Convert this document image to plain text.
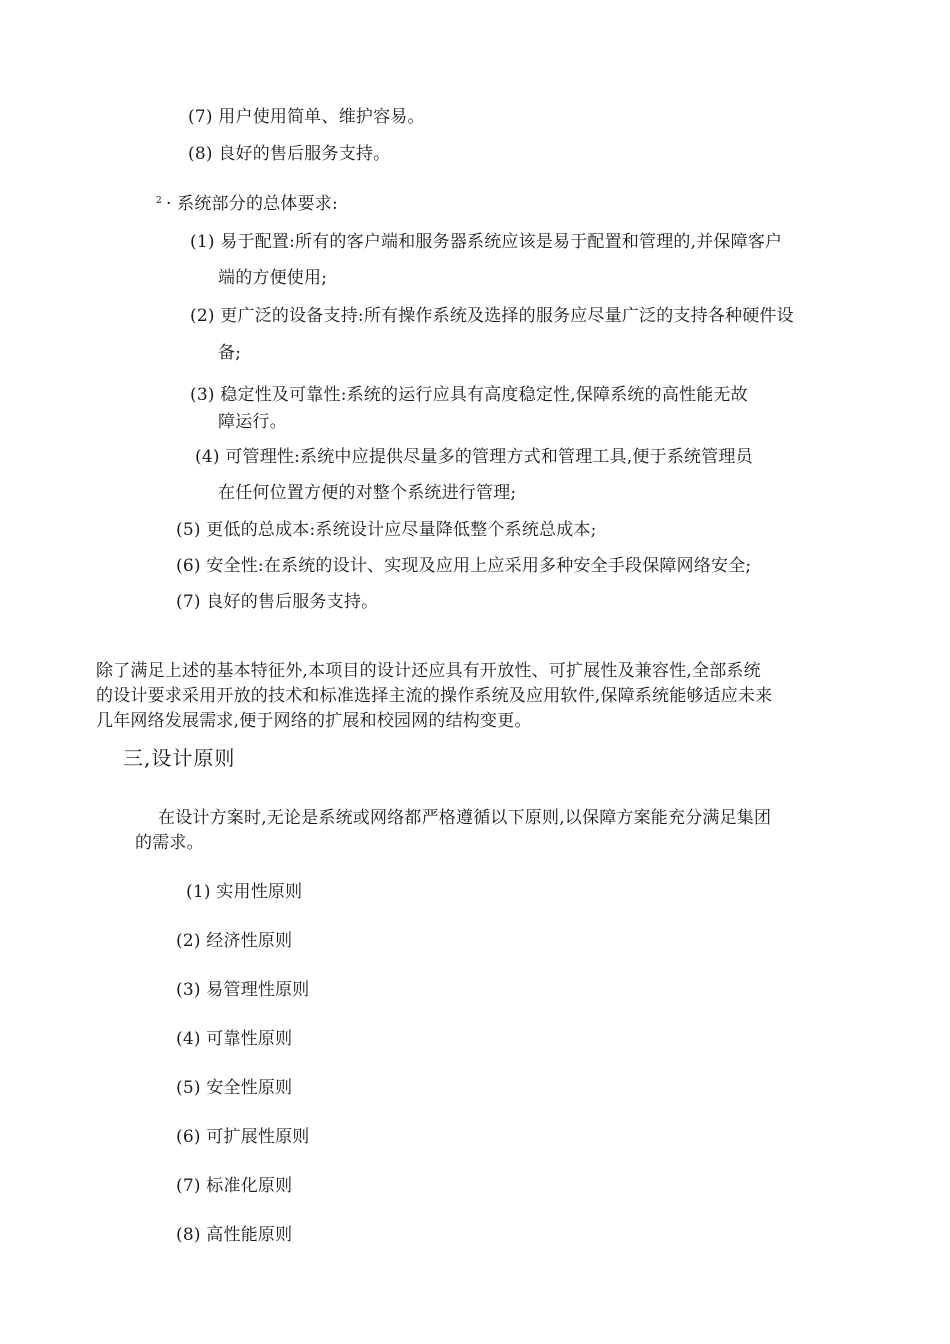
(7) 用户使用简单、维护容易。
(8) 良好的售后服务支持。
$^2$ · 系统部分的总体要求:
(1) 易于配置:所有的客户端和服务器系统应该是易于配置和管理的,并保障客户
端的方便使用;
(2) 更广泛的设备支持:所有操作系统及选择的服务应尽量广泛的支持各种硬件设
备;
(3) 稳定性及可靠性:系统的运行应具有高度稳定性,保障系统的高性能无故
障运行。
(4) 可管理性:系统中应提供尽量多的管理方式和管理工具,便于系统管理员
在任何位置方便的对整个系统进行管理;
(5) 更低的总成本:系统设计应尽量降低整个系统总成本;
(6) 安全性:在系统的设计、实现及应用上应采用多种安全手段保障网络安全;
(7) 良好的售后服务支持。
除了满足上述的基本特征外,本项目的设计还应具有开放性、可扩展性及兼容性,全部系统
的设计要求采用开放的技术和标准选择主流的操作系统及应用软件,保障系统能够适应未来
几年网络发展需求,便于网络的扩展和校园网的结构变更。
三,设计原则
在设计方案时,无论是系统或网络都严格遵循以下原则,以保障方案能充分满足集团
的需求。
(1) 实用性原则
(2) 经济性原则
(3) 易管理性原则
(4) 可靠性原则
(5) 安全性原则
(6) 可扩展性原则
(7) 标准化原则
(8) 高性能原则
